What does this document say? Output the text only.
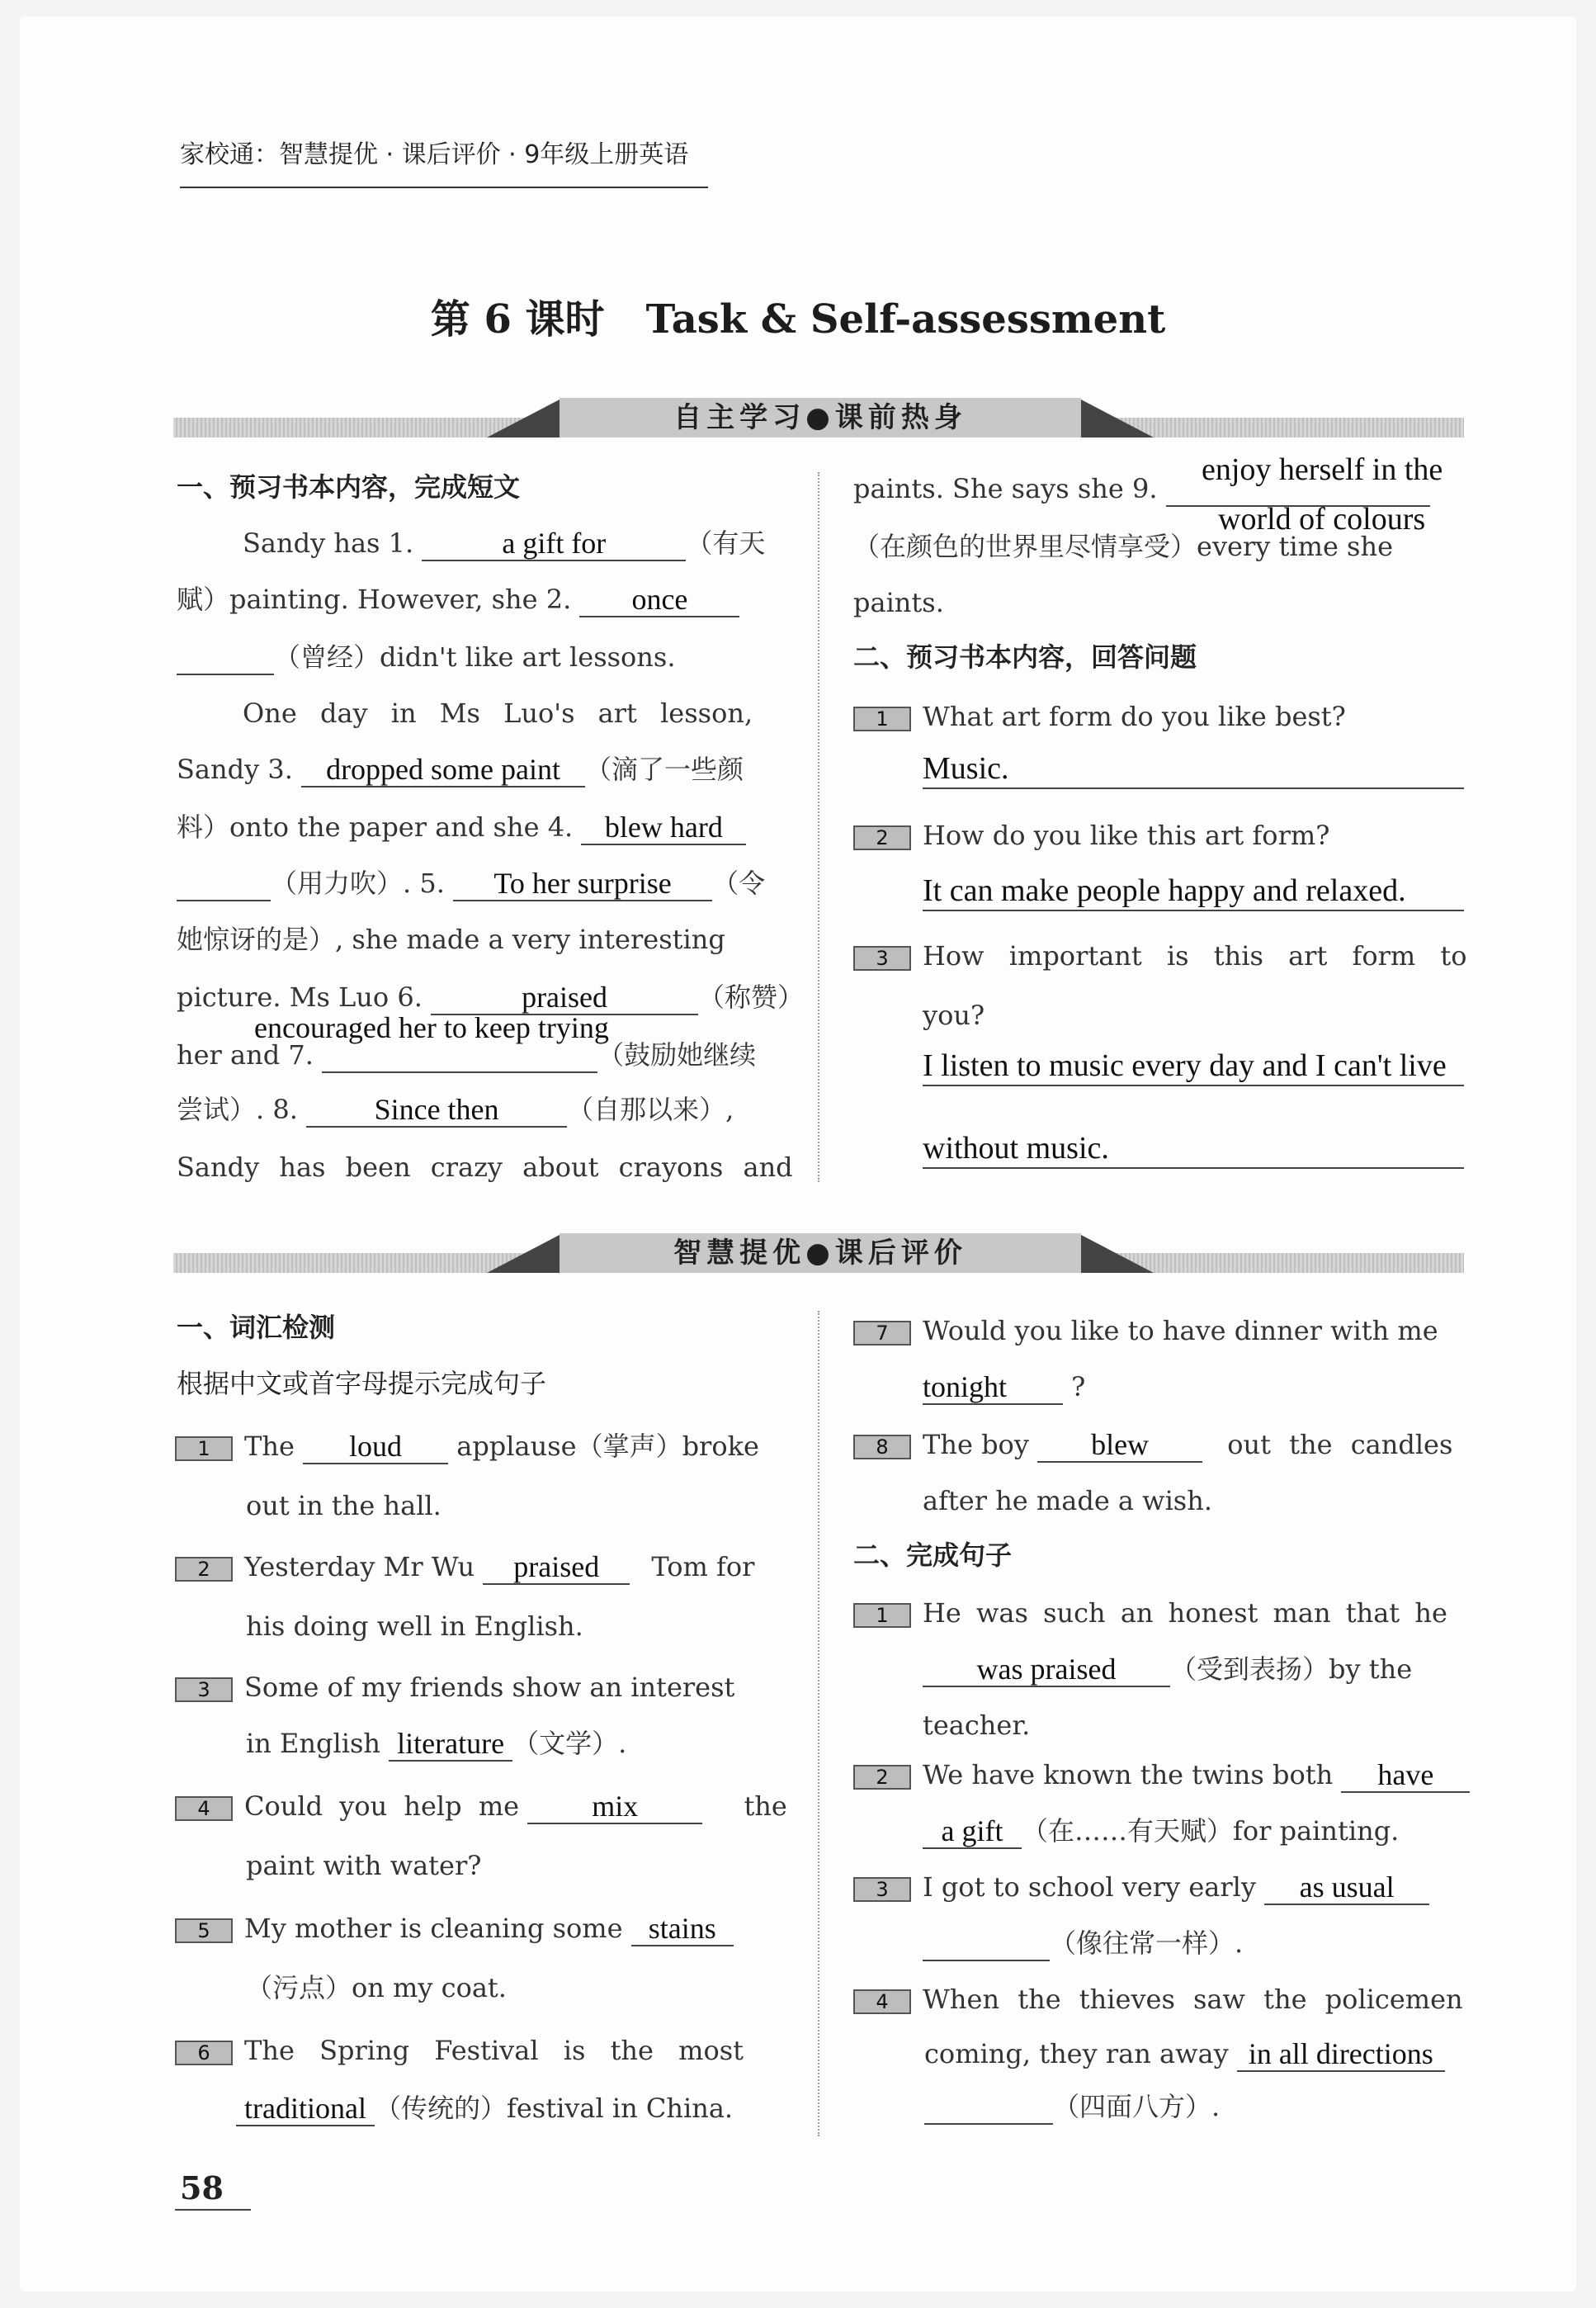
家校通：智慧提优 · 课后评价 · 9年级上册英语
第 6 课时 Task & Self-assessment
自主学习●课前热身
一、预习书本内容，完成短文
Sandy has 1.	a gift for	（有天
赋）painting. However, she 2. once
（曾经）didn't like art lessons.
One day in Ms Luo's art lesson,
Sandy 3. dropped some paint （滴了一些颜
料）onto the paper and she 4. blew hard
（用力吹）. 5. To her surprise （令
她惊讶的是）, she made a very interesting
picture. Ms Luo 6.	praised	（称赞）
encouraged her to keep trying
her and 7.	（鼓励她继续
尝试）. 8.	Since then	（自那以来）,
Sandy has been crazy about crayons and
enjoy herself in the
paints. She says she 9.
world of colours
（在颜色的世界里尽情享受）every time she
paints.
二、预习书本内容，回答问题
1 What art form do you like best?
Music.
2 How do you like this art form?
It can make people happy and relaxed.
3 How important is this art form to
you?
I listen to music every day and I can't live
without music.
智慧提优●课后评价
一、词汇检测
根据中文或首字母提示完成句子
1 The loud applause（掌声）broke
out in the hall.
2 Yesterday Mr Wu praised Tom for
his doing well in English.
3 Some of my friends show an interest
in English literature （文学）.
4 Could you help me mix	the
paint with water?
5 My mother is cleaning some stains
（污点）on my coat.
6 The Spring Festival is the most
traditional （传统的）festival in China.
7 Would you like to have dinner with me
tonight ?
8 The boy blew	out the candles
after he made a wish.
二、完成句子
1 He was such an honest man that he
was praised （受到表扬）by the
teacher.
2 We have known the twins both have
a gift （在……有天赋）for painting.
3 I got to school very early as usual
（像往常一样）.
4 When the thieves saw the policemen
coming, they ran away in all directions
（四面八方）.
58
